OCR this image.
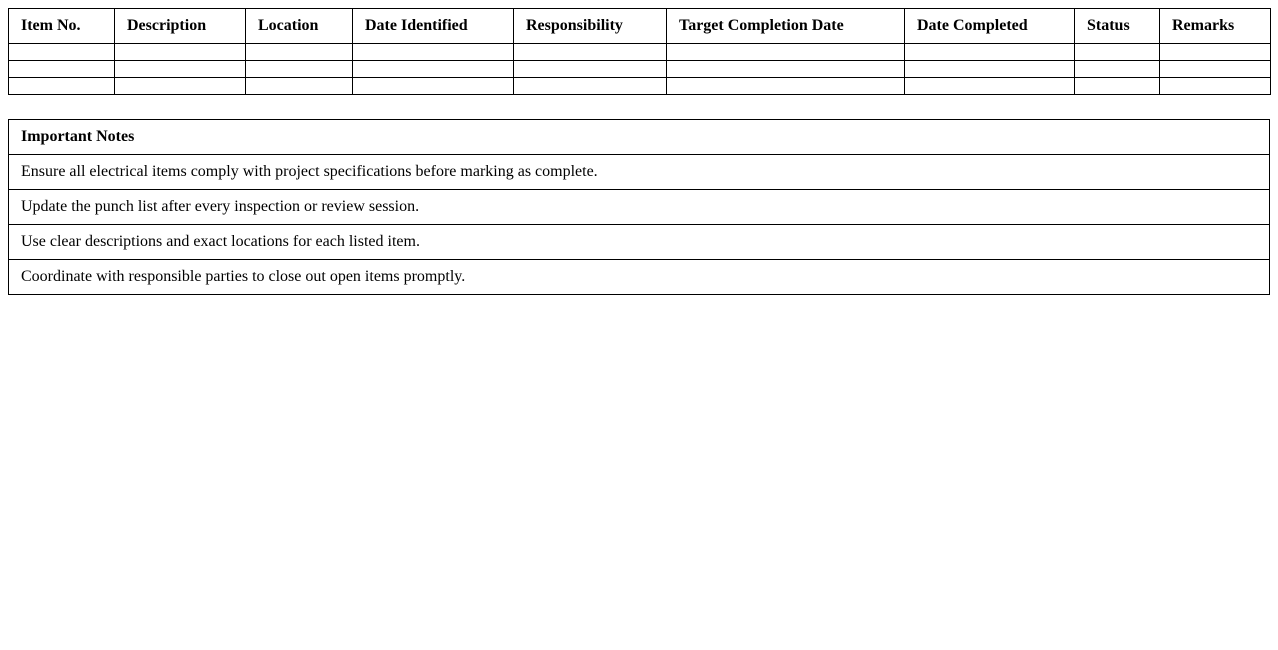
Item No.	Description	Location	Date Identified	Responsibility	Target Completion Date	Date Completed	Status	Remarks

Important Notes
Ensure all electrical items comply with project specifications before marking as complete.
Update the punch list after every inspection or review session.
Use clear descriptions and exact locations for each listed item.
Coordinate with responsible parties to close out open items promptly.
